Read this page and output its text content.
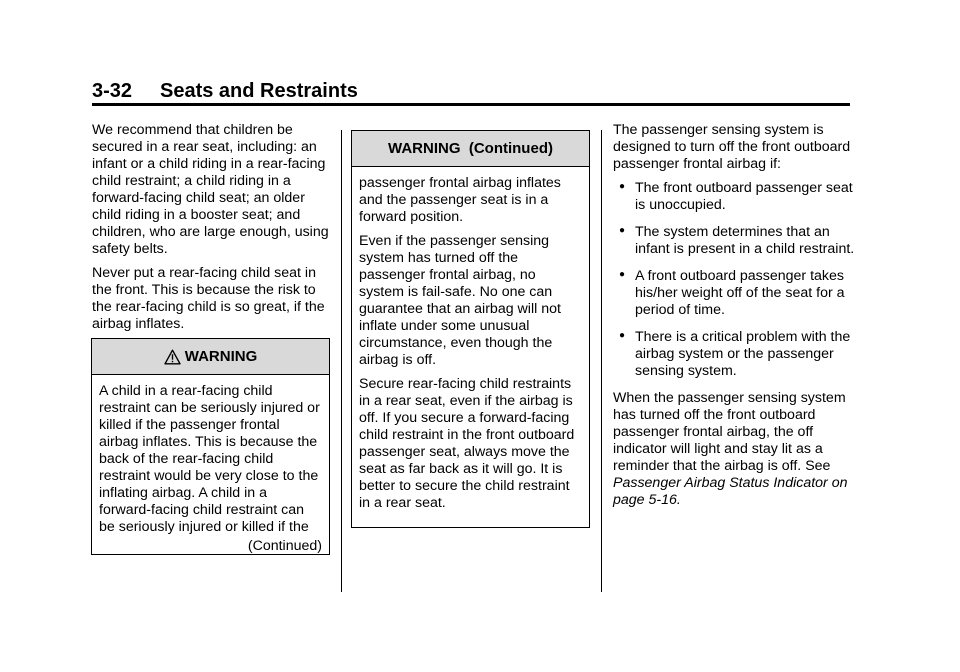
3-32 Seats and Restraints

We recommend that children be secured in a rear seat, including: an infant or a child riding in a rear-facing child restraint; a child riding in a forward-facing child seat; an older child riding in a booster seat; and children, who are large enough, using safety belts.

Never put a rear-facing child seat in the front. This is because the risk to the rear-facing child is so great, if the airbag inflates.

WARNING
A child in a rear-facing child restraint can be seriously injured or killed if the passenger frontal airbag inflates. This is because the back of the rear-facing child restraint would be very close to the inflating airbag. A child in a forward-facing child restraint can be seriously injured or killed if the
(Continued)
WARNING  (Continued)

passenger frontal airbag inflates and the passenger seat is in a forward position.

Even if the passenger sensing system has turned off the passenger frontal airbag, no system is fail-safe. No one can guarantee that an airbag will not inflate under some unusual circumstance, even though the airbag is off.

Secure rear-facing child restraints in a rear seat, even if the airbag is off. If you secure a forward-facing child restraint in the front outboard passenger seat, always move the seat as far back as it will go. It is better to secure the child restraint in a rear seat.

The passenger sensing system is designed to turn off the front outboard passenger frontal airbag if:

● The front outboard passenger seat is unoccupied.
● The system determines that an infant is present in a child restraint.
● A front outboard passenger takes his/her weight off of the seat for a period of time.
● There is a critical problem with the airbag system or the passenger sensing system.

When the passenger sensing system has turned off the front outboard passenger frontal airbag, the off indicator will light and stay lit as a reminder that the airbag is off. See Passenger Airbag Status Indicator on page 5-16.
